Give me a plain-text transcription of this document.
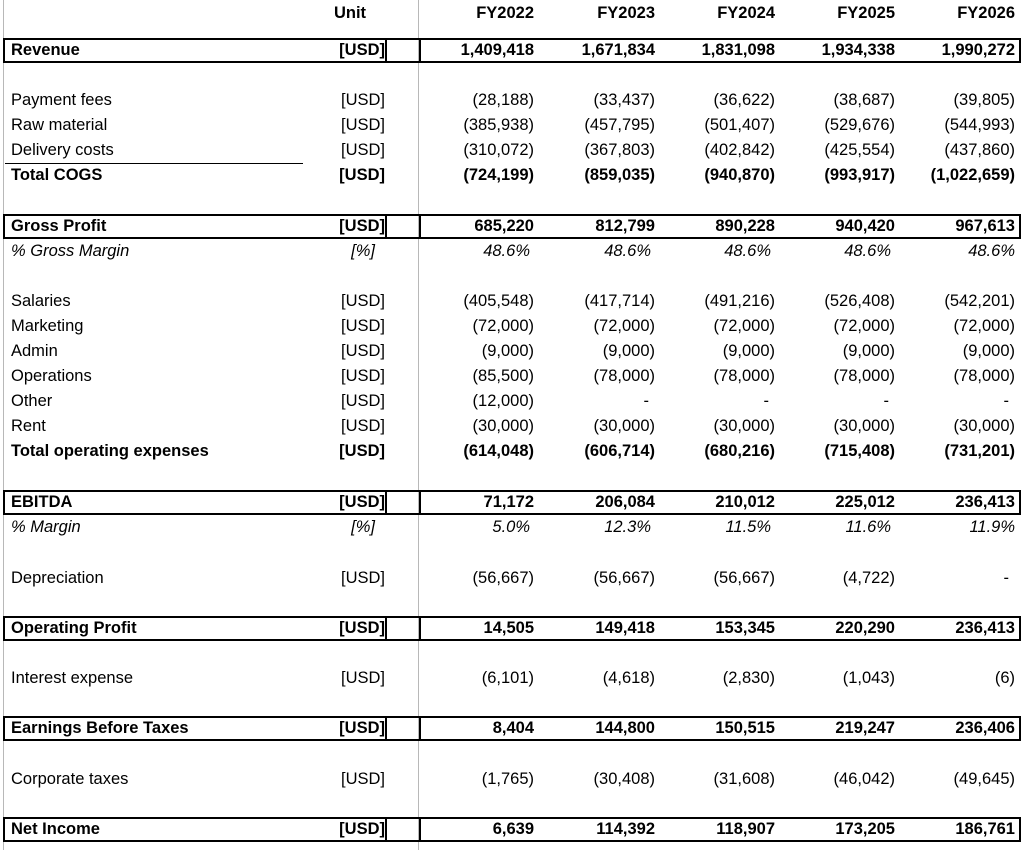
Unit	FY2022	FY2023	FY2024	FY2025	FY2026
Revenue	[USD]	1,409,418	1,671,834	1,831,098	1,934,338	1,990,272
Payment fees	[USD]	(28,188)	(33,437)	(36,622)	(38,687)	(39,805)
Raw material	[USD]	(385,938)	(457,795)	(501,407)	(529,676)	(544,993)
Delivery costs	[USD]	(310,072)	(367,803)	(402,842)	(425,554)	(437,860)
Total COGS	[USD]	(724,199)	(859,035)	(940,870)	(993,917)	(1,022,659)
Gross Profit	[USD]	685,220	812,799	890,228	940,420	967,613
% Gross Margin	[%]	48.6%	48.6%	48.6%	48.6%	48.6%
Salaries	[USD]	(405,548)	(417,714)	(491,216)	(526,408)	(542,201)
Marketing	[USD]	(72,000)	(72,000)	(72,000)	(72,000)	(72,000)
Admin	[USD]	(9,000)	(9,000)	(9,000)	(9,000)	(9,000)
Operations	[USD]	(85,500)	(78,000)	(78,000)	(78,000)	(78,000)
Other	[USD]	(12,000)	-	-	-	-
Rent	[USD]	(30,000)	(30,000)	(30,000)	(30,000)	(30,000)
Total operating expenses	[USD]	(614,048)	(606,714)	(680,216)	(715,408)	(731,201)
EBITDA	[USD]	71,172	206,084	210,012	225,012	236,413
% Margin	[%]	5.0%	12.3%	11.5%	11.6%	11.9%
Depreciation	[USD]	(56,667)	(56,667)	(56,667)	(4,722)	-
Operating Profit	[USD]	14,505	149,418	153,345	220,290	236,413
Interest expense	[USD]	(6,101)	(4,618)	(2,830)	(1,043)	(6)
Earnings Before Taxes	[USD]	8,404	144,800	150,515	219,247	236,406
Corporate taxes	[USD]	(1,765)	(30,408)	(31,608)	(46,042)	(49,645)
Net Income	[USD]	6,639	114,392	118,907	173,205	186,761
